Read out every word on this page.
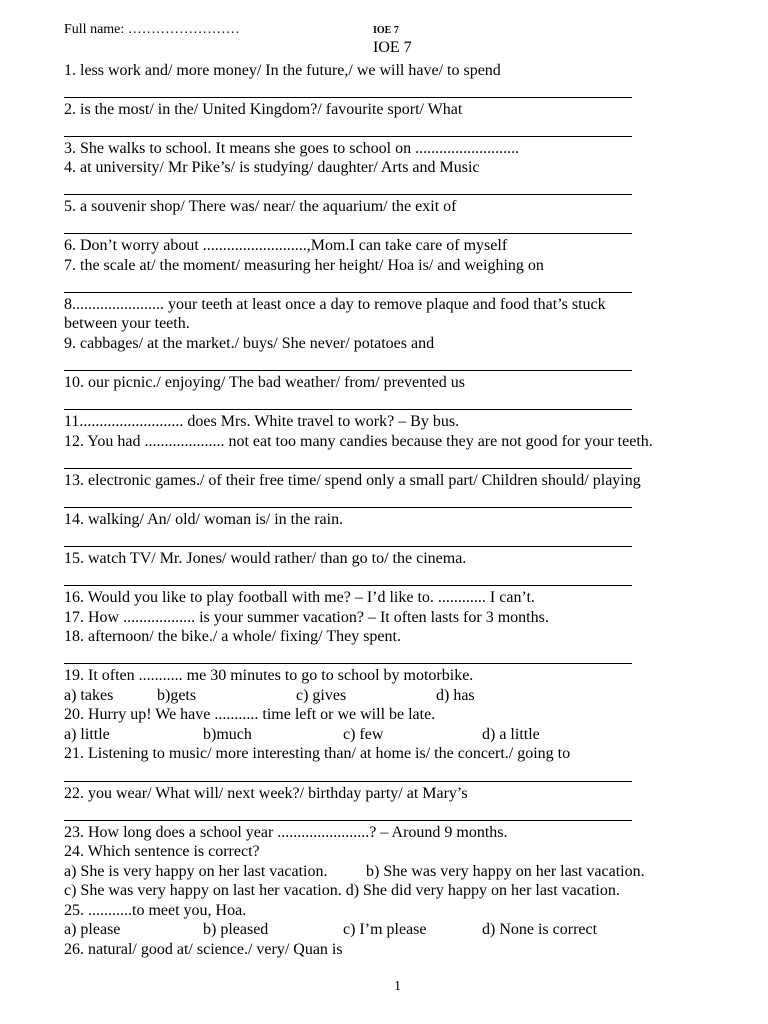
Full name: ……………………	IOE 7
IOE 7
1. less work and/ more money/ In the future,/ we will have/ to spend
2. is the most/ in the/ United Kingdom?/ favourite sport/ What
3. She walks to school. It means she goes to school on ..........................
4. at university/ Mr Pike’s/ is studying/ daughter/ Arts and Music
5. a souvenir shop/ There was/ near/ the aquarium/ the exit of
6. Don’t worry about ..........................,Mom.I can take care of myself
7. the scale at/ the moment/ measuring her height/ Hoa is/ and weighing on
8....................... your teeth at least once a day to remove plaque and food that’s stuck
between your teeth.
9. cabbages/ at the market./ buys/ She never/ potatoes and
10. our picnic./ enjoying/ The bad weather/ from/ prevented us
11.......................... does Mrs. White travel to work? – By bus.
12. You had .................... not eat too many candies because they are not good for your teeth.
13. electronic games./ of their free time/ spend only a small part/ Children should/ playing
14. walking/ An/ old/ woman is/ in the rain.
15. watch TV/ Mr. Jones/ would rather/ than go to/ the cinema.
16. Would you like to play football with me? – I’d like to. ............ I can’t.
17. How .................. is your summer vacation? – It often lasts for 3 months.
18. afternoon/ the bike./ a whole/ fixing/ They spent.
19. It often ........... me 30 minutes to go to school by motorbike.
a) takes	b)gets	c) gives	d) has
20. Hurry up! We have ........... time left or we will be late.
a) little	b)much	c) few	d) a little
21. Listening to music/ more interesting than/ at home is/ the concert./ going to
22. you wear/ What will/ next week?/ birthday party/ at Mary’s
23. How long does a school year .......................? – Around 9 months.
24. Which sentence is correct?
a) She is very happy on her last vacation. b) She was very happy on her last vacation.
c) She was very happy on last her vacation. d) She did very happy on her last vacation.
25. ...........to meet you, Hoa.
a) please	b) pleased	c) I’m please	d) None is correct
26. natural/ good at/ science./ very/ Quan is
1
